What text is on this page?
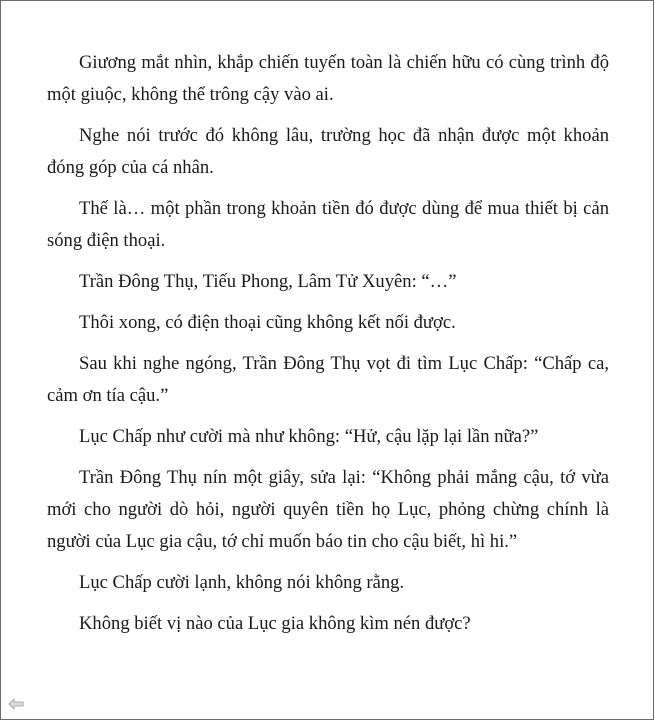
Giương mắt nhìn, khắp chiến tuyến toàn là chiến hữu có cùng trình độ một giuộc, không thể trông cậy vào ai.

Nghe nói trước đó không lâu, trường học đã nhận được một khoản đóng góp của cá nhân.

Thế là… một phần trong khoản tiền đó được dùng để mua thiết bị cản sóng điện thoại.

Trần Đông Thụ, Tiếu Phong, Lâm Tử Xuyên: “…”

Thôi xong, có điện thoại cũng không kết nối được.

Sau khi nghe ngóng, Trần Đông Thụ vọt đi tìm Lục Chấp: “Chấp ca, cảm ơn tía cậu.”

Lục Chấp như cười mà như không: “Hử, cậu lặp lại lần nữa?”

Trần Đông Thụ nín một giây, sửa lại: “Không phải mắng cậu, tớ vừa mới cho người dò hỏi, người quyên tiền họ Lục, phỏng chừng chính là người của Lục gia cậu, tớ chỉ muốn báo tin cho cậu biết, hì hi.”

Lục Chấp cười lạnh, không nói không rằng.

Không biết vị nào của Lục gia không kìm nén được?
